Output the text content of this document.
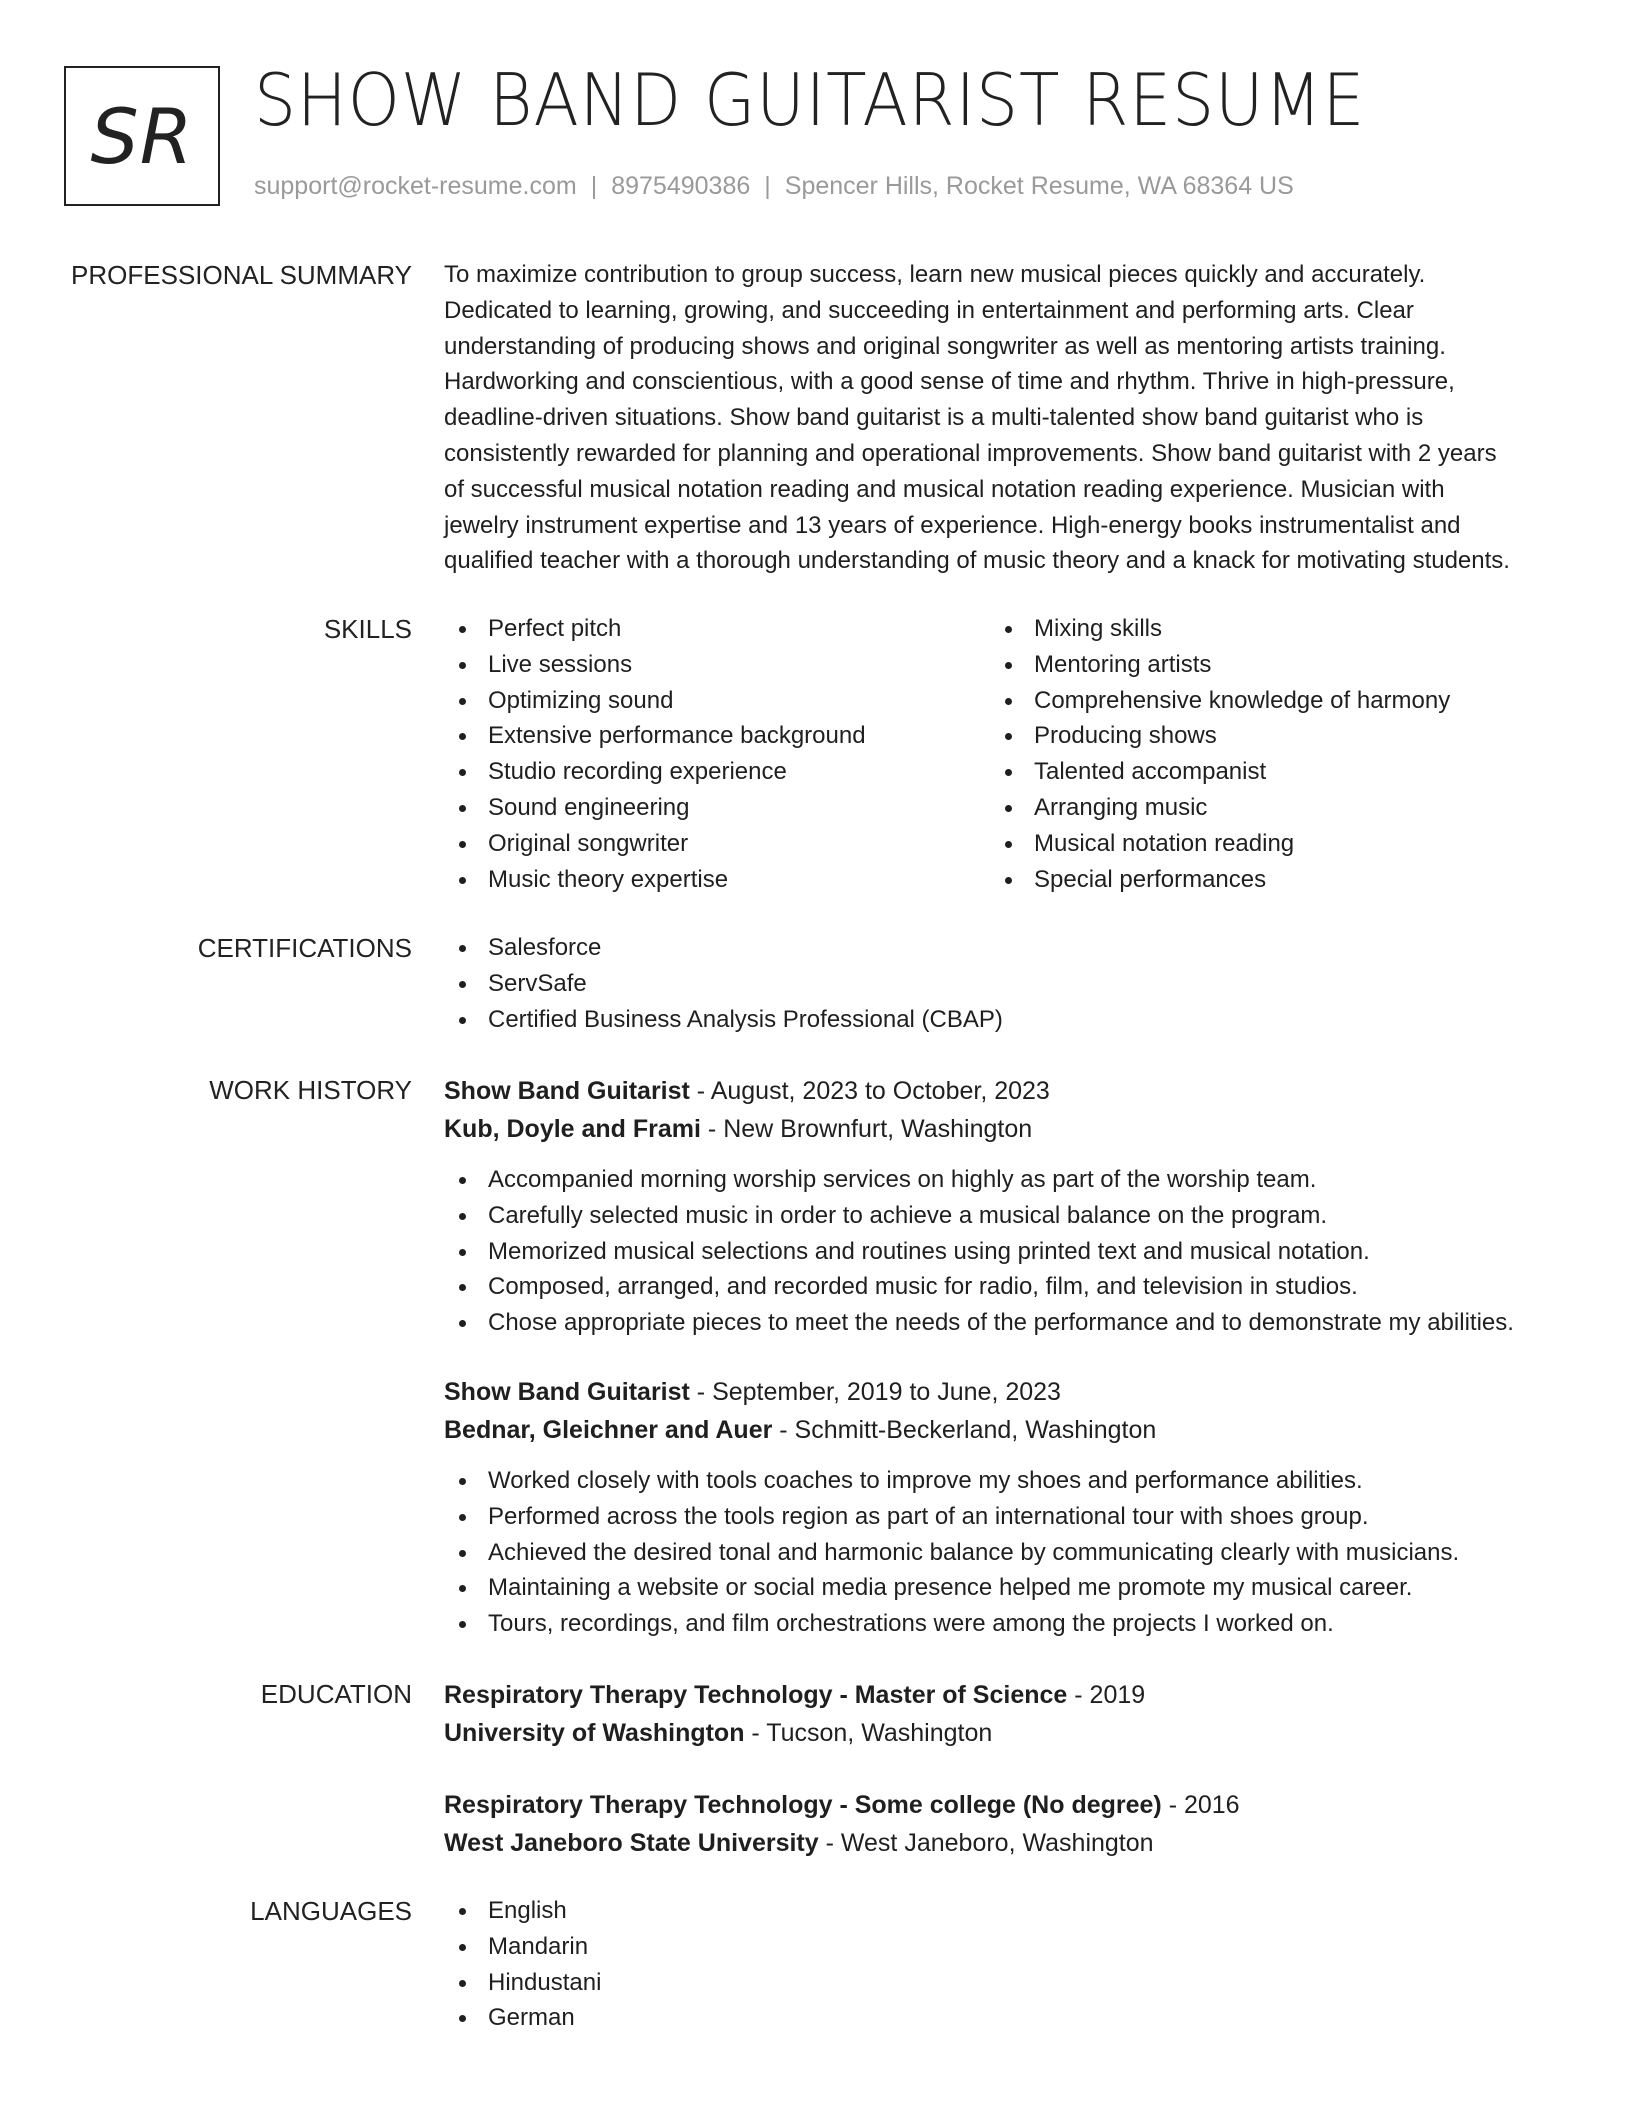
SR SHOW BAND GUITARIST RESUME
support@rocket-resume.com | 8975490386 | Spencer Hills, Rocket Resume, WA 68364 US
PROFESSIONAL SUMMARY To maximize contribution to group success, learn new musical pieces quickly and accurately.
Dedicated to learning, growing, and succeeding in entertainment and performing arts. Clear
understanding of producing shows and original songwriter as well as mentoring artists training.
Hardworking and conscientious, with a good sense of time and rhythm. Thrive in high-pressure,
deadline-driven situations. Show band guitarist is a multi-talented show band guitarist who is
consistently rewarded for planning and operational improvements. Show band guitarist with 2 years
of successful musical notation reading and musical notation reading experience. Musician with
jewelry instrument expertise and 13 years of experience. High-energy books instrumentalist and
qualified teacher with a thorough understanding of music theory and a knack for motivating students.
SKILLS	Perfect pitch
Live sessions
Optimizing sound
Extensive performance background
Studio recording experience
Sound engineering
Original songwriter
Music theory expertise
Mixing skills
Mentoring artists
Comprehensive knowledge of harmony
Producing shows
Talented accompanist
Arranging music
Musical notation reading
Special performances
CERTIFICATIONS	Salesforce
ServSafe
Certified Business Analysis Professional (CBAP)
WORK HISTORY Show Band Guitarist - August, 2023 to October, 2023
Kub, Doyle and Frami - New Brownfurt, Washington
Accompanied morning worship services on highly as part of the worship team.
Carefully selected music in order to achieve a musical balance on the program.
Memorized musical selections and routines using printed text and musical notation.
Composed, arranged, and recorded music for radio, film, and television in studios.
Chose appropriate pieces to meet the needs of the performance and to demonstrate my abilities.
Show Band Guitarist - September, 2019 to June, 2023
Bednar, Gleichner and Auer - Schmitt-Beckerland, Washington
Worked closely with tools coaches to improve my shoes and performance abilities.
Performed across the tools region as part of an international tour with shoes group.
Achieved the desired tonal and harmonic balance by communicating clearly with musicians.
Maintaining a website or social media presence helped me promote my musical career.
Tours, recordings, and film orchestrations were among the projects I worked on.
EDUCATION Respiratory Therapy Technology - Master of Science - 2019
University of Washington - Tucson, Washington
Respiratory Therapy Technology - Some college (No degree) - 2016
West Janeboro State University - West Janeboro, Washington
LANGUAGES	English
Mandarin
Hindustani
German
